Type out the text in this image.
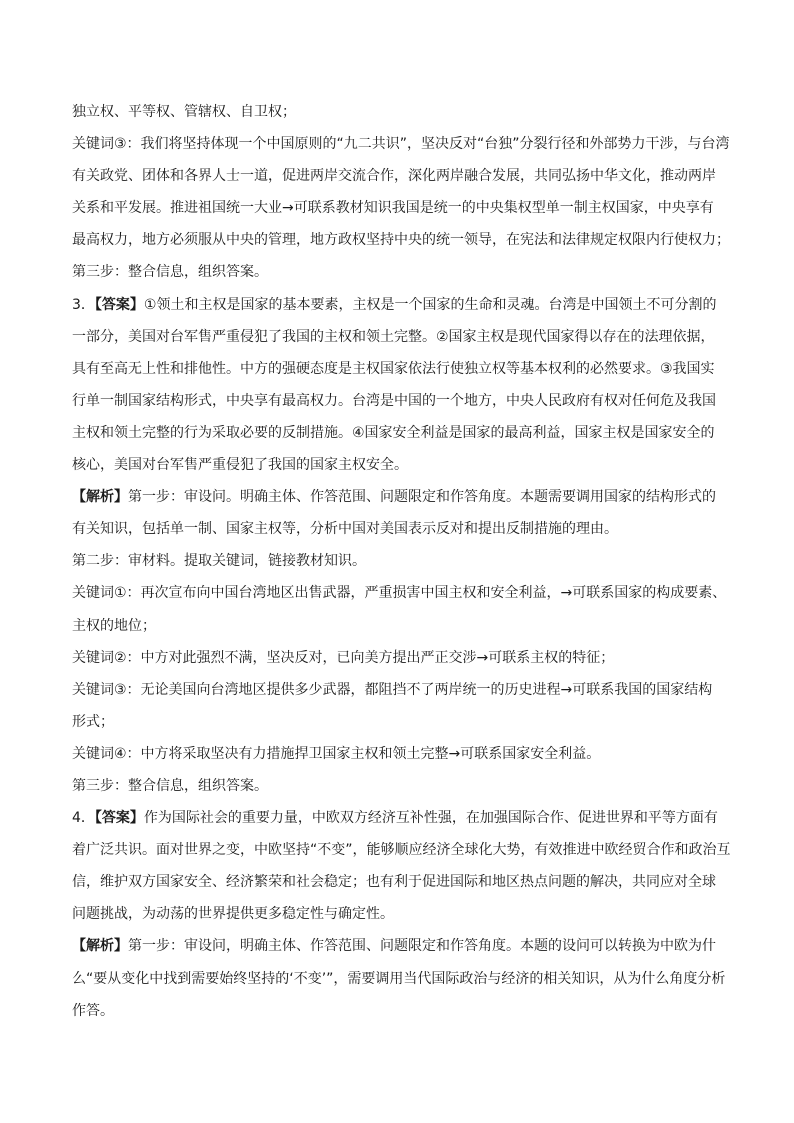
独立权、平等权、管辖权、自卫权；
关键词③：我们将坚持体现一个中国原则的“九二共识”，坚决反对“台独”分裂行径和外部势力干涉，与台湾
有关政党、团体和各界人士一道，促进两岸交流合作，深化两岸融合发展，共同弘扬中华文化，推动两岸
关系和平发展。推进祖国统一大业→可联系教材知识我国是统一的中央集权型单一制主权国家，中央享有
最高权力，地方必须服从中央的管理，地方政权坚持中央的统一领导，在宪法和法律规定权限内行使权力；
第三步：整合信息，组织答案。
3．【答案】①领土和主权是国家的基本要素，主权是一个国家的生命和灵魂。台湾是中国领土不可分割的
一部分，美国对台军售严重侵犯了我国的主权和领土完整。②国家主权是现代国家得以存在的法理依据，
具有至高无上性和排他性。中方的强硬态度是主权国家依法行使独立权等基本权利的必然要求。③我国实
行单一制国家结构形式，中央享有最高权力。台湾是中国的一个地方，中央人民政府有权对任何危及我国
主权和领土完整的行为采取必要的反制措施。④国家安全利益是国家的最高利益，国家主权是国家安全的
核心，美国对台军售严重侵犯了我国的国家主权安全。
【解析】第一步：审设问。明确主体、作答范围、问题限定和作答角度。本题需要调用国家的结构形式的
有关知识，包括单一制、国家主权等，分析中国对美国表示反对和提出反制措施的理由。
第二步：审材料。提取关键词，链接教材知识。
关键词①：再次宣布向中国台湾地区出售武器，严重损害中国主权和安全利益，→可联系国家的构成要素、
主权的地位；
关键词②：中方对此强烈不满，坚决反对，已向美方提出严正交涉→可联系主权的特征；
关键词③：无论美国向台湾地区提供多少武器，都阻挡不了两岸统一的历史进程→可联系我国的国家结构
形式；
关键词④：中方将采取坚决有力措施捍卫国家主权和领土完整→可联系国家安全利益。
第三步：整合信息，组织答案。
4．【答案】作为国际社会的重要力量，中欧双方经济互补性强，在加强国际合作、促进世界和平等方面有
着广泛共识。面对世界之变，中欧坚持“不变”，能够顺应经济全球化大势，有效推进中欧经贸合作和政治互
信，维护双方国家安全、经济繁荣和社会稳定；也有利于促进国际和地区热点问题的解决，共同应对全球
问题挑战，为动荡的世界提供更多稳定性与确定性。
【解析】第一步：审设问，明确主体、作答范围、问题限定和作答角度。本题的设问可以转换为中欧为什
么“要从变化中找到需要始终坚持的‘不变’”，需要调用当代国际政治与经济的相关知识，从为什么角度分析
作答。
